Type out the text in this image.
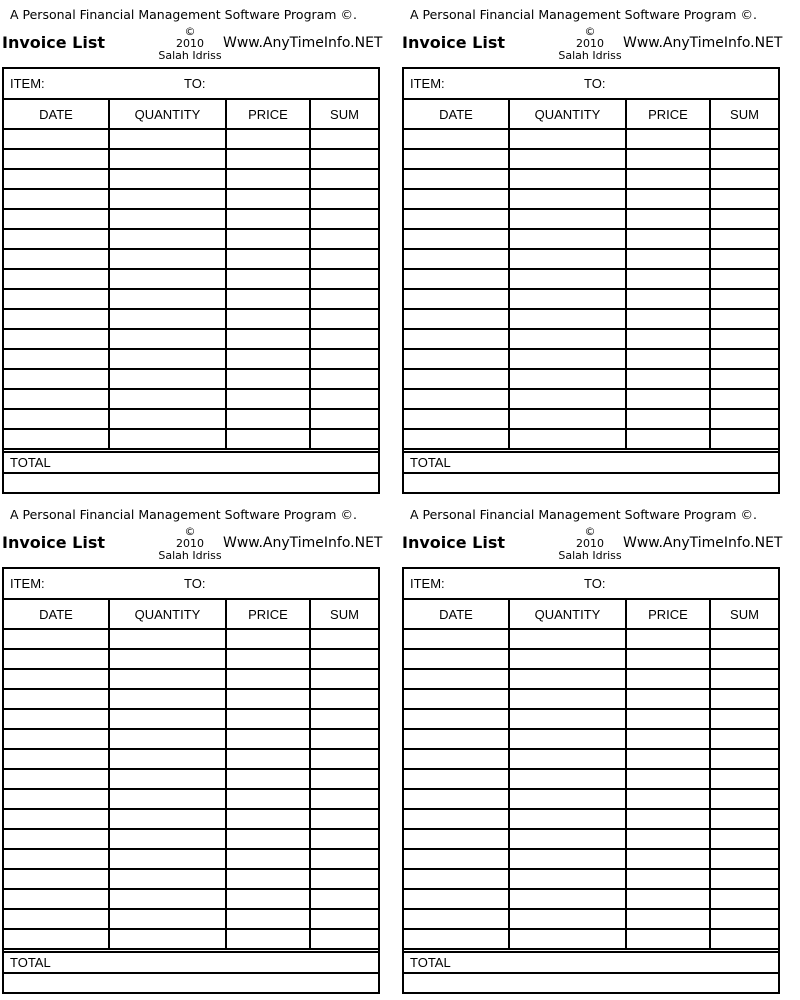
A Personal Financial Management Software Program ©.
Invoice List
©
2010
Salah Idriss
Www.AnyTimeInfo.NET
ITEM:	TO:
DATE	QUANTITY	PRICE	SUM

TOTAL
A Personal Financial Management Software Program ©.
Invoice List
©
2010
Salah Idriss
Www.AnyTimeInfo.NET
ITEM:	TO:
DATE	QUANTITY	PRICE	SUM

TOTAL
A Personal Financial Management Software Program ©.
Invoice List
©
2010
Salah Idriss
Www.AnyTimeInfo.NET
ITEM:	TO:
DATE	QUANTITY	PRICE	SUM

TOTAL
A Personal Financial Management Software Program ©.
Invoice List
©
2010
Salah Idriss
Www.AnyTimeInfo.NET
ITEM:	TO:
DATE	QUANTITY	PRICE	SUM

TOTAL
